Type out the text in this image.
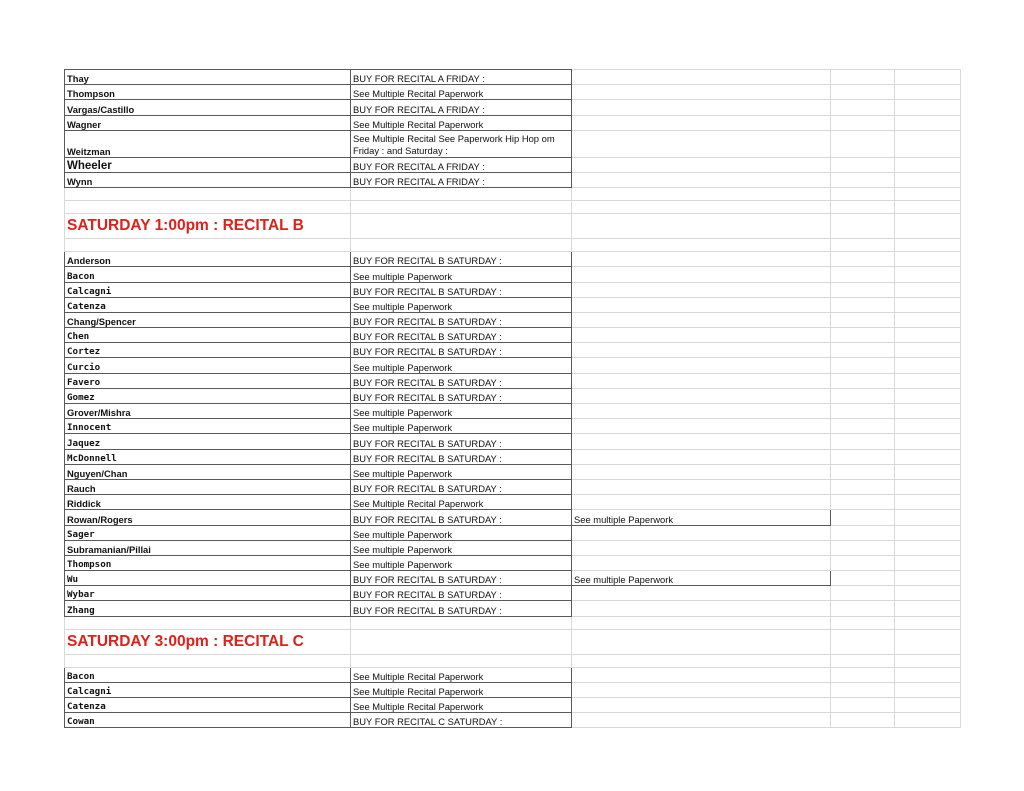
Thay	BUY FOR RECITAL A FRIDAY :			
Thompson	See Multiple Recital Paperwork			
Vargas/Castillo	BUY FOR RECITAL A FRIDAY :			
Wagner	See Multiple Recital Paperwork			
Weitzman	See Multiple Recital See Paperwork Hip Hop om Friday : and Saturday :			
Wheeler	BUY FOR RECITAL A FRIDAY :			
Wynn	BUY FOR RECITAL A FRIDAY :			

SATURDAY 1:00pm : RECITAL B				

Anderson	BUY FOR RECITAL B SATURDAY :			
Bacon	See multiple Paperwork			
Calcagni	BUY FOR RECITAL B SATURDAY :			
Catenza	See multiple Paperwork			
Chang/Spencer	BUY FOR RECITAL B SATURDAY :			
Chen	BUY FOR RECITAL B SATURDAY :			
Cortez	BUY FOR RECITAL B SATURDAY :			
Curcio	See multiple Paperwork			
Favero	BUY FOR RECITAL B SATURDAY :			
Gomez	BUY FOR RECITAL B SATURDAY :			
Grover/Mishra	See multiple Paperwork			
Innocent	See multiple Paperwork			
Jaquez	BUY FOR RECITAL B SATURDAY :			
McDonnell	BUY FOR RECITAL B SATURDAY :			
Nguyen/Chan	See multiple Paperwork			
Rauch	BUY FOR RECITAL B SATURDAY :			
Riddick	See Multiple Recital Paperwork			
Rowan/Rogers	BUY FOR RECITAL B SATURDAY :	See multiple Paperwork		
Sager	See multiple Paperwork			
Subramanian/Pillai	See multiple Paperwork			
Thompson	See multiple Paperwork			
Wu	BUY FOR RECITAL B SATURDAY :	See multiple Paperwork		
Wybar	BUY FOR RECITAL B SATURDAY :			
Zhang	BUY FOR RECITAL B SATURDAY :			

SATURDAY 3:00pm : RECITAL C				

Bacon	See Multiple Recital Paperwork			
Calcagni	See Multiple Recital Paperwork			
Catenza	See Multiple Recital Paperwork			
Cowan	BUY FOR RECITAL C SATURDAY :			
